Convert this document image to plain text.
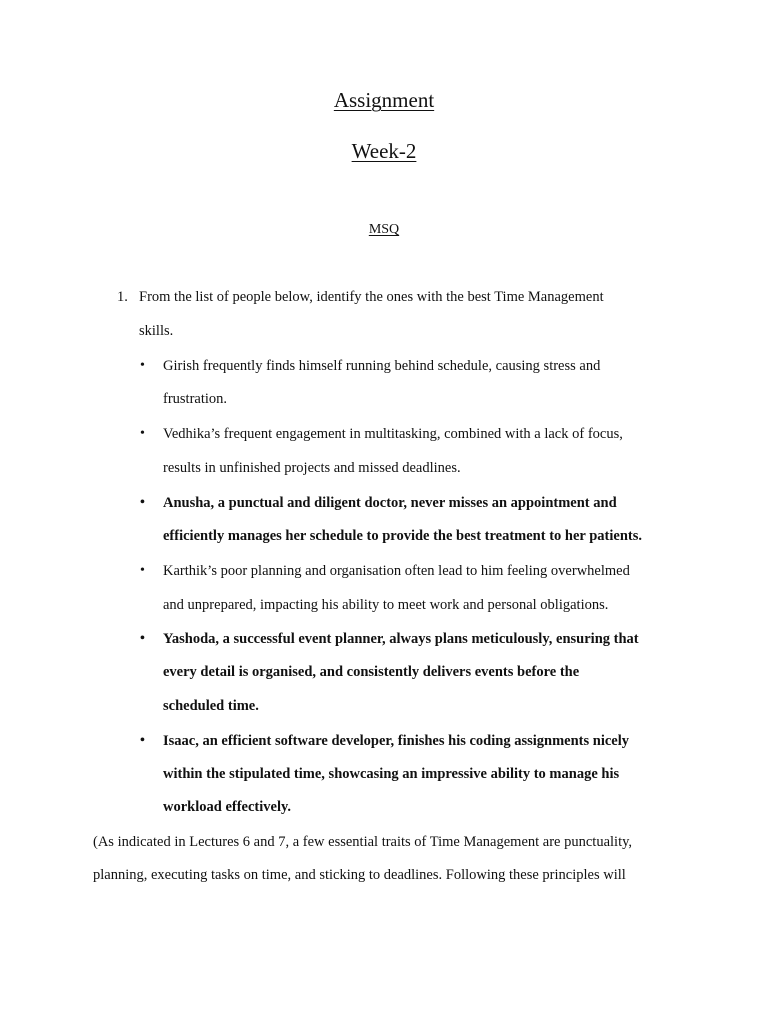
Assignment
Week-2
MSQ
1. From the list of people below, identify the ones with the best Time Management
skills.
• Girish frequently finds himself running behind schedule, causing stress and
frustration.
• Vedhika’s frequent engagement in multitasking, combined with a lack of focus,
results in unfinished projects and missed deadlines.
• Anusha, a punctual and diligent doctor, never misses an appointment and
efficiently manages her schedule to provide the best treatment to her patients.
• Karthik’s poor planning and organisation often lead to him feeling overwhelmed
and unprepared, impacting his ability to meet work and personal obligations.
• Yashoda, a successful event planner, always plans meticulously, ensuring that
every detail is organised, and consistently delivers events before the
scheduled time.
• Isaac, an efficient software developer, finishes his coding assignments nicely
within the stipulated time, showcasing an impressive ability to manage his
workload effectively.
(As indicated in Lectures 6 and 7, a few essential traits of Time Management are punctuality,
planning, executing tasks on time, and sticking to deadlines. Following these principles will
